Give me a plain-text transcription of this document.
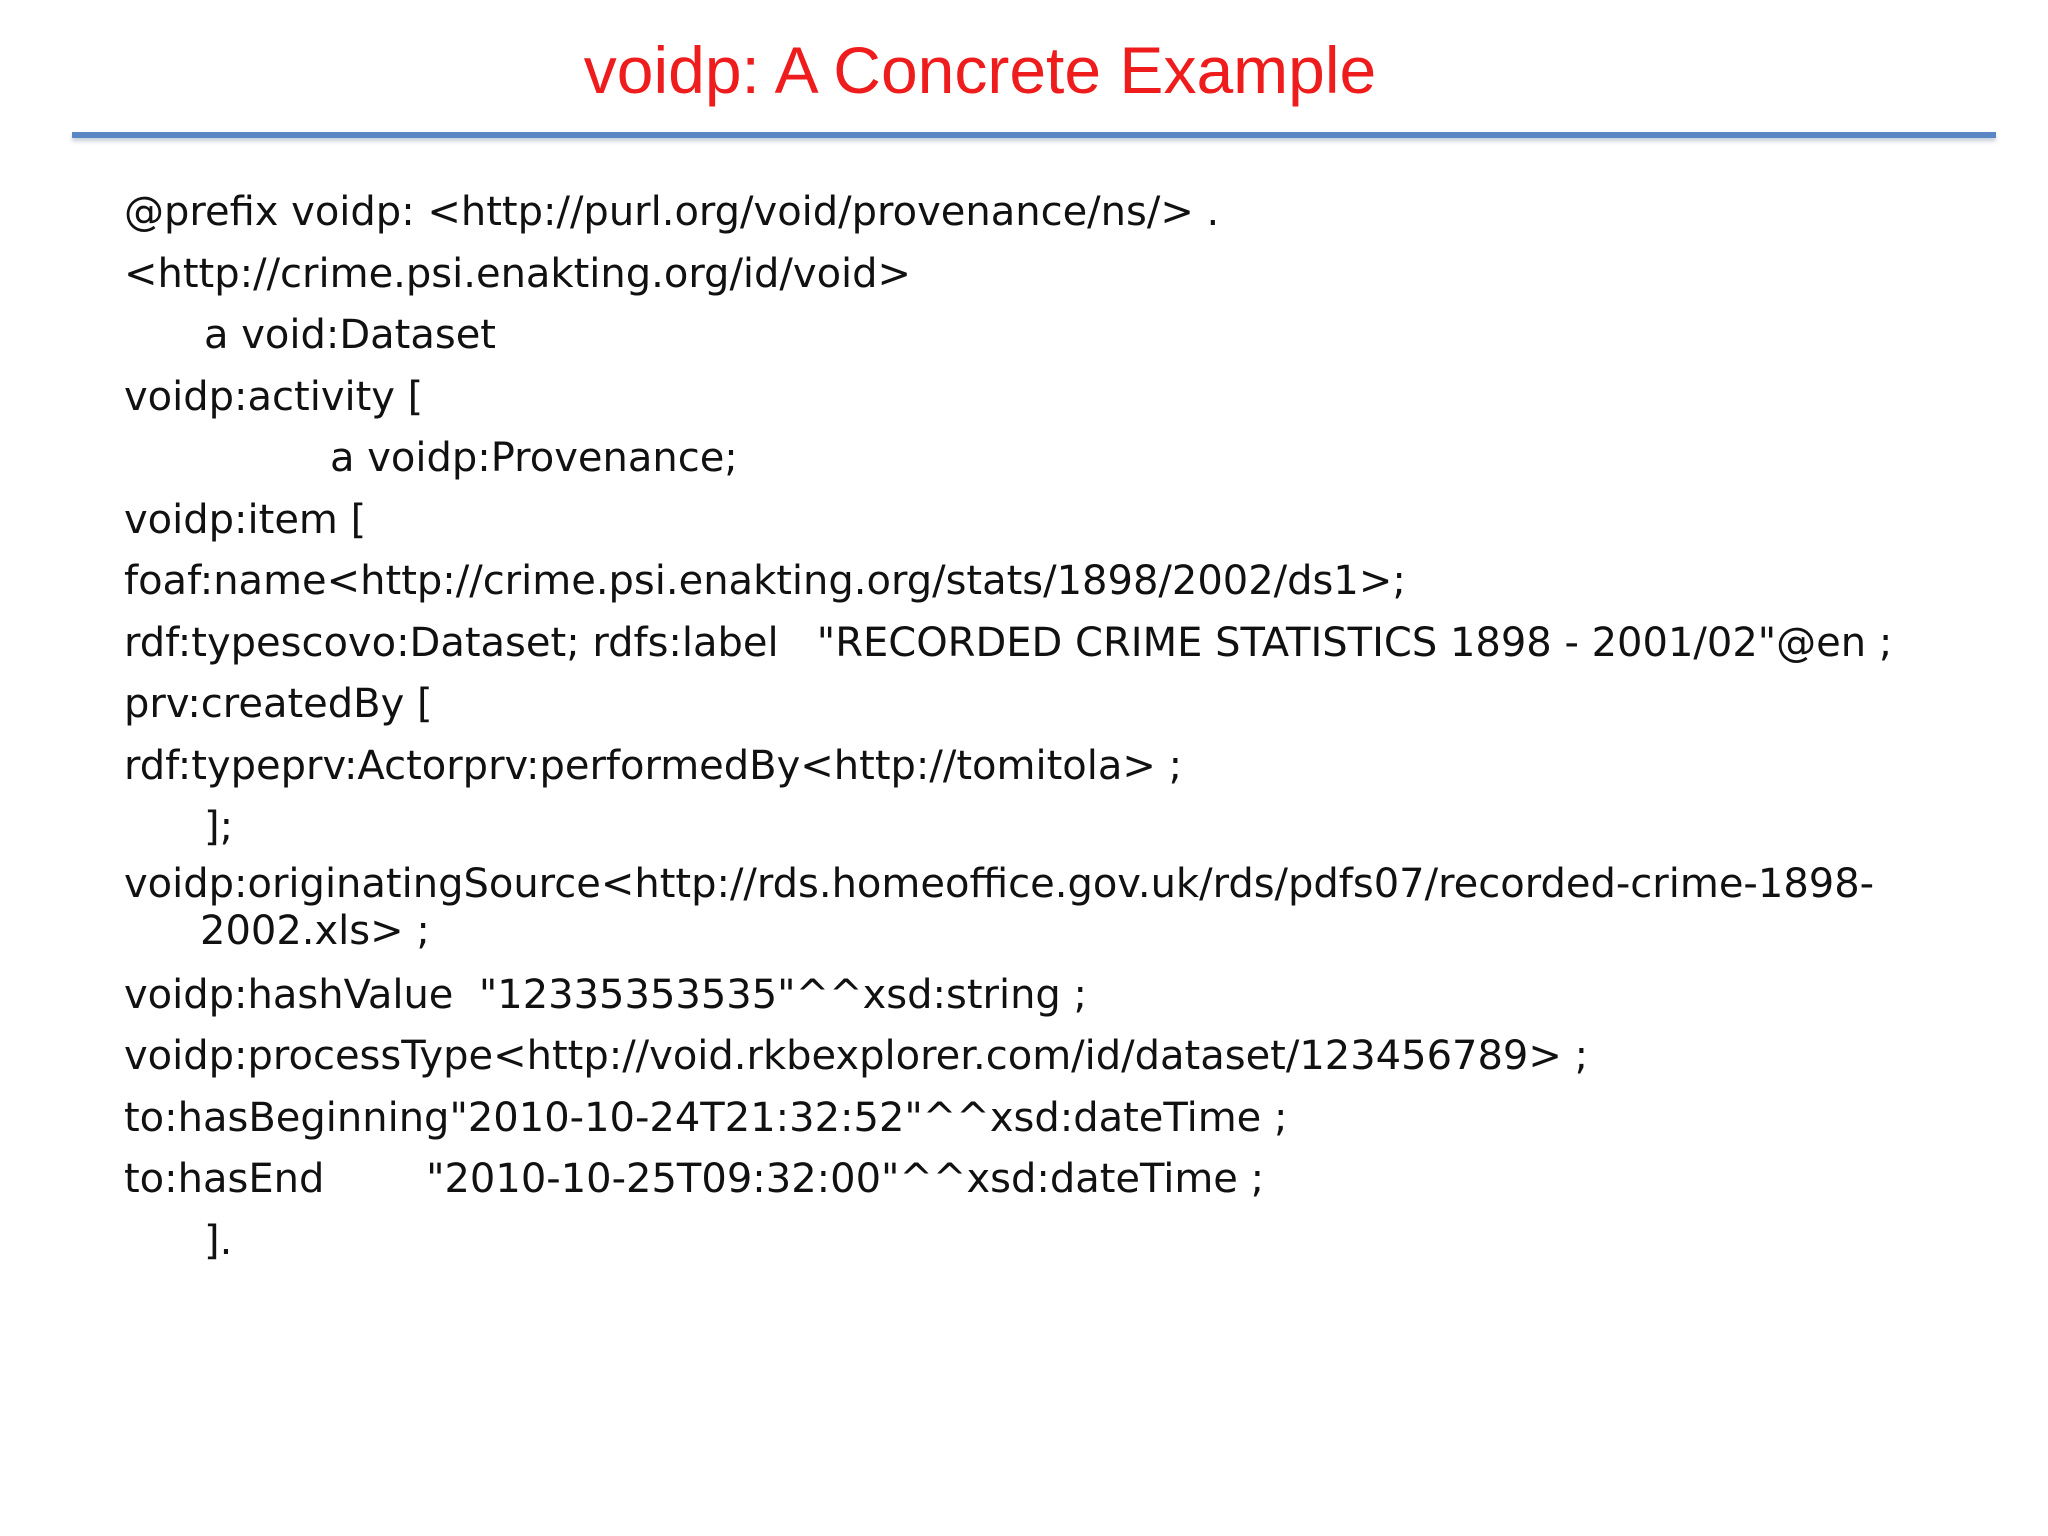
voidp: A Concrete Example
@prefix voidp: <http://purl.org/void/provenance/ns/> .
<http://crime.psi.enakting.org/id/void>
a void:Dataset
voidp:activity [
a voidp:Provenance;
voidp:item [
foaf:name<http://crime.psi.enakting.org/stats/1898/2002/ds1>;
rdf:typescovo:Dataset; rdfs:label   "RECORDED CRIME STATISTICS 1898 - 2001/02"@en ;
prv:createdBy [
rdf:typeprv:Actorprv:performedBy<http://tomitola> ;
];
voidp:originatingSource<http://rds.homeoffice.gov.uk/rds/pdfs07/recorded-crime-1898-
2002.xls> ;
voidp:hashValue  "12335353535"^^xsd:string ;
voidp:processType<http://void.rkbexplorer.com/id/dataset/123456789> ;
to:hasBeginning"2010-10-24T21:32:52"^^xsd:dateTime ;
to:hasEnd        "2010-10-25T09:32:00"^^xsd:dateTime ;
].
